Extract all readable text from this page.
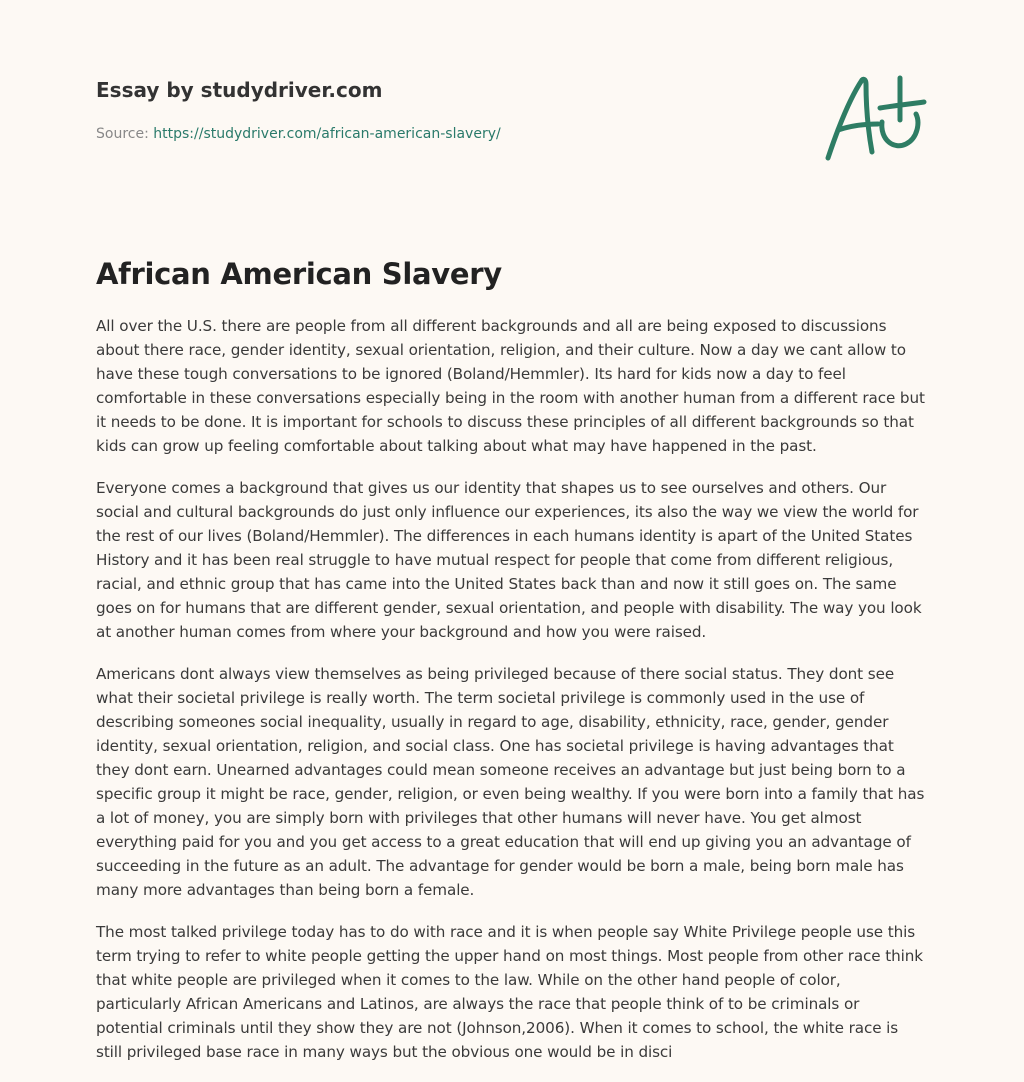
Essay by studydriver.com
Source: https://studydriver.com/african-american-slavery/
African American Slavery

All over the U.S. there are people from all different backgrounds and all are being exposed to discussions about there race, gender identity, sexual orientation, religion, and their culture. Now a day we cant allow to have these tough conversations to be ignored (Boland/Hemmler). Its hard for kids now a day to feel comfortable in these conversations especially being in the room with another human from a different race but it needs to be done. It is important for schools to discuss these principles of all different backgrounds so that kids can grow up feeling comfortable about talking about what may have happened in the past.

Everyone comes a background that gives us our identity that shapes us to see ourselves and others. Our social and cultural backgrounds do just only influence our experiences, its also the way we view the world for the rest of our lives (Boland/Hemmler). The differences in each humans identity is apart of the United States History and it has been real struggle to have mutual respect for people that come from different religious, racial, and ethnic group that has came into the United States back than and now it still goes on. The same goes on for humans that are different gender, sexual orientation, and people with disability. The way you look at another human comes from where your background and how you were raised.

Americans dont always view themselves as being privileged because of there social status. They dont see what their societal privilege is really worth. The term societal privilege is commonly used in the use of describing someones social inequality, usually in regard to age, disability, ethnicity, race, gender, gender identity, sexual orientation, religion, and social class. One has societal privilege is having advantages that they dont earn. Unearned advantages could mean someone receives an advantage but just being born to a specific group it might be race, gender, religion, or even being wealthy. If you were born into a family that has a lot of money, you are simply born with privileges that other humans will never have. You get almost everything paid for you and you get access to a great education that will end up giving you an advantage of succeeding in the future as an adult. The advantage for gender would be born a male, being born male has many more advantages than being born a female.

The most talked privilege today has to do with race and it is when people say White Privilege people use this term trying to refer to white people getting the upper hand on most things. Most people from other race think that white people are privileged when it comes to the law. While on the other hand people of color, particularly African Americans and Latinos, are always the race that people think of to be criminals or potential criminals until they show they are not (Johnson,2006). When it comes to school, the white race is still privileged base race in many ways but the obvious one would be in disci
